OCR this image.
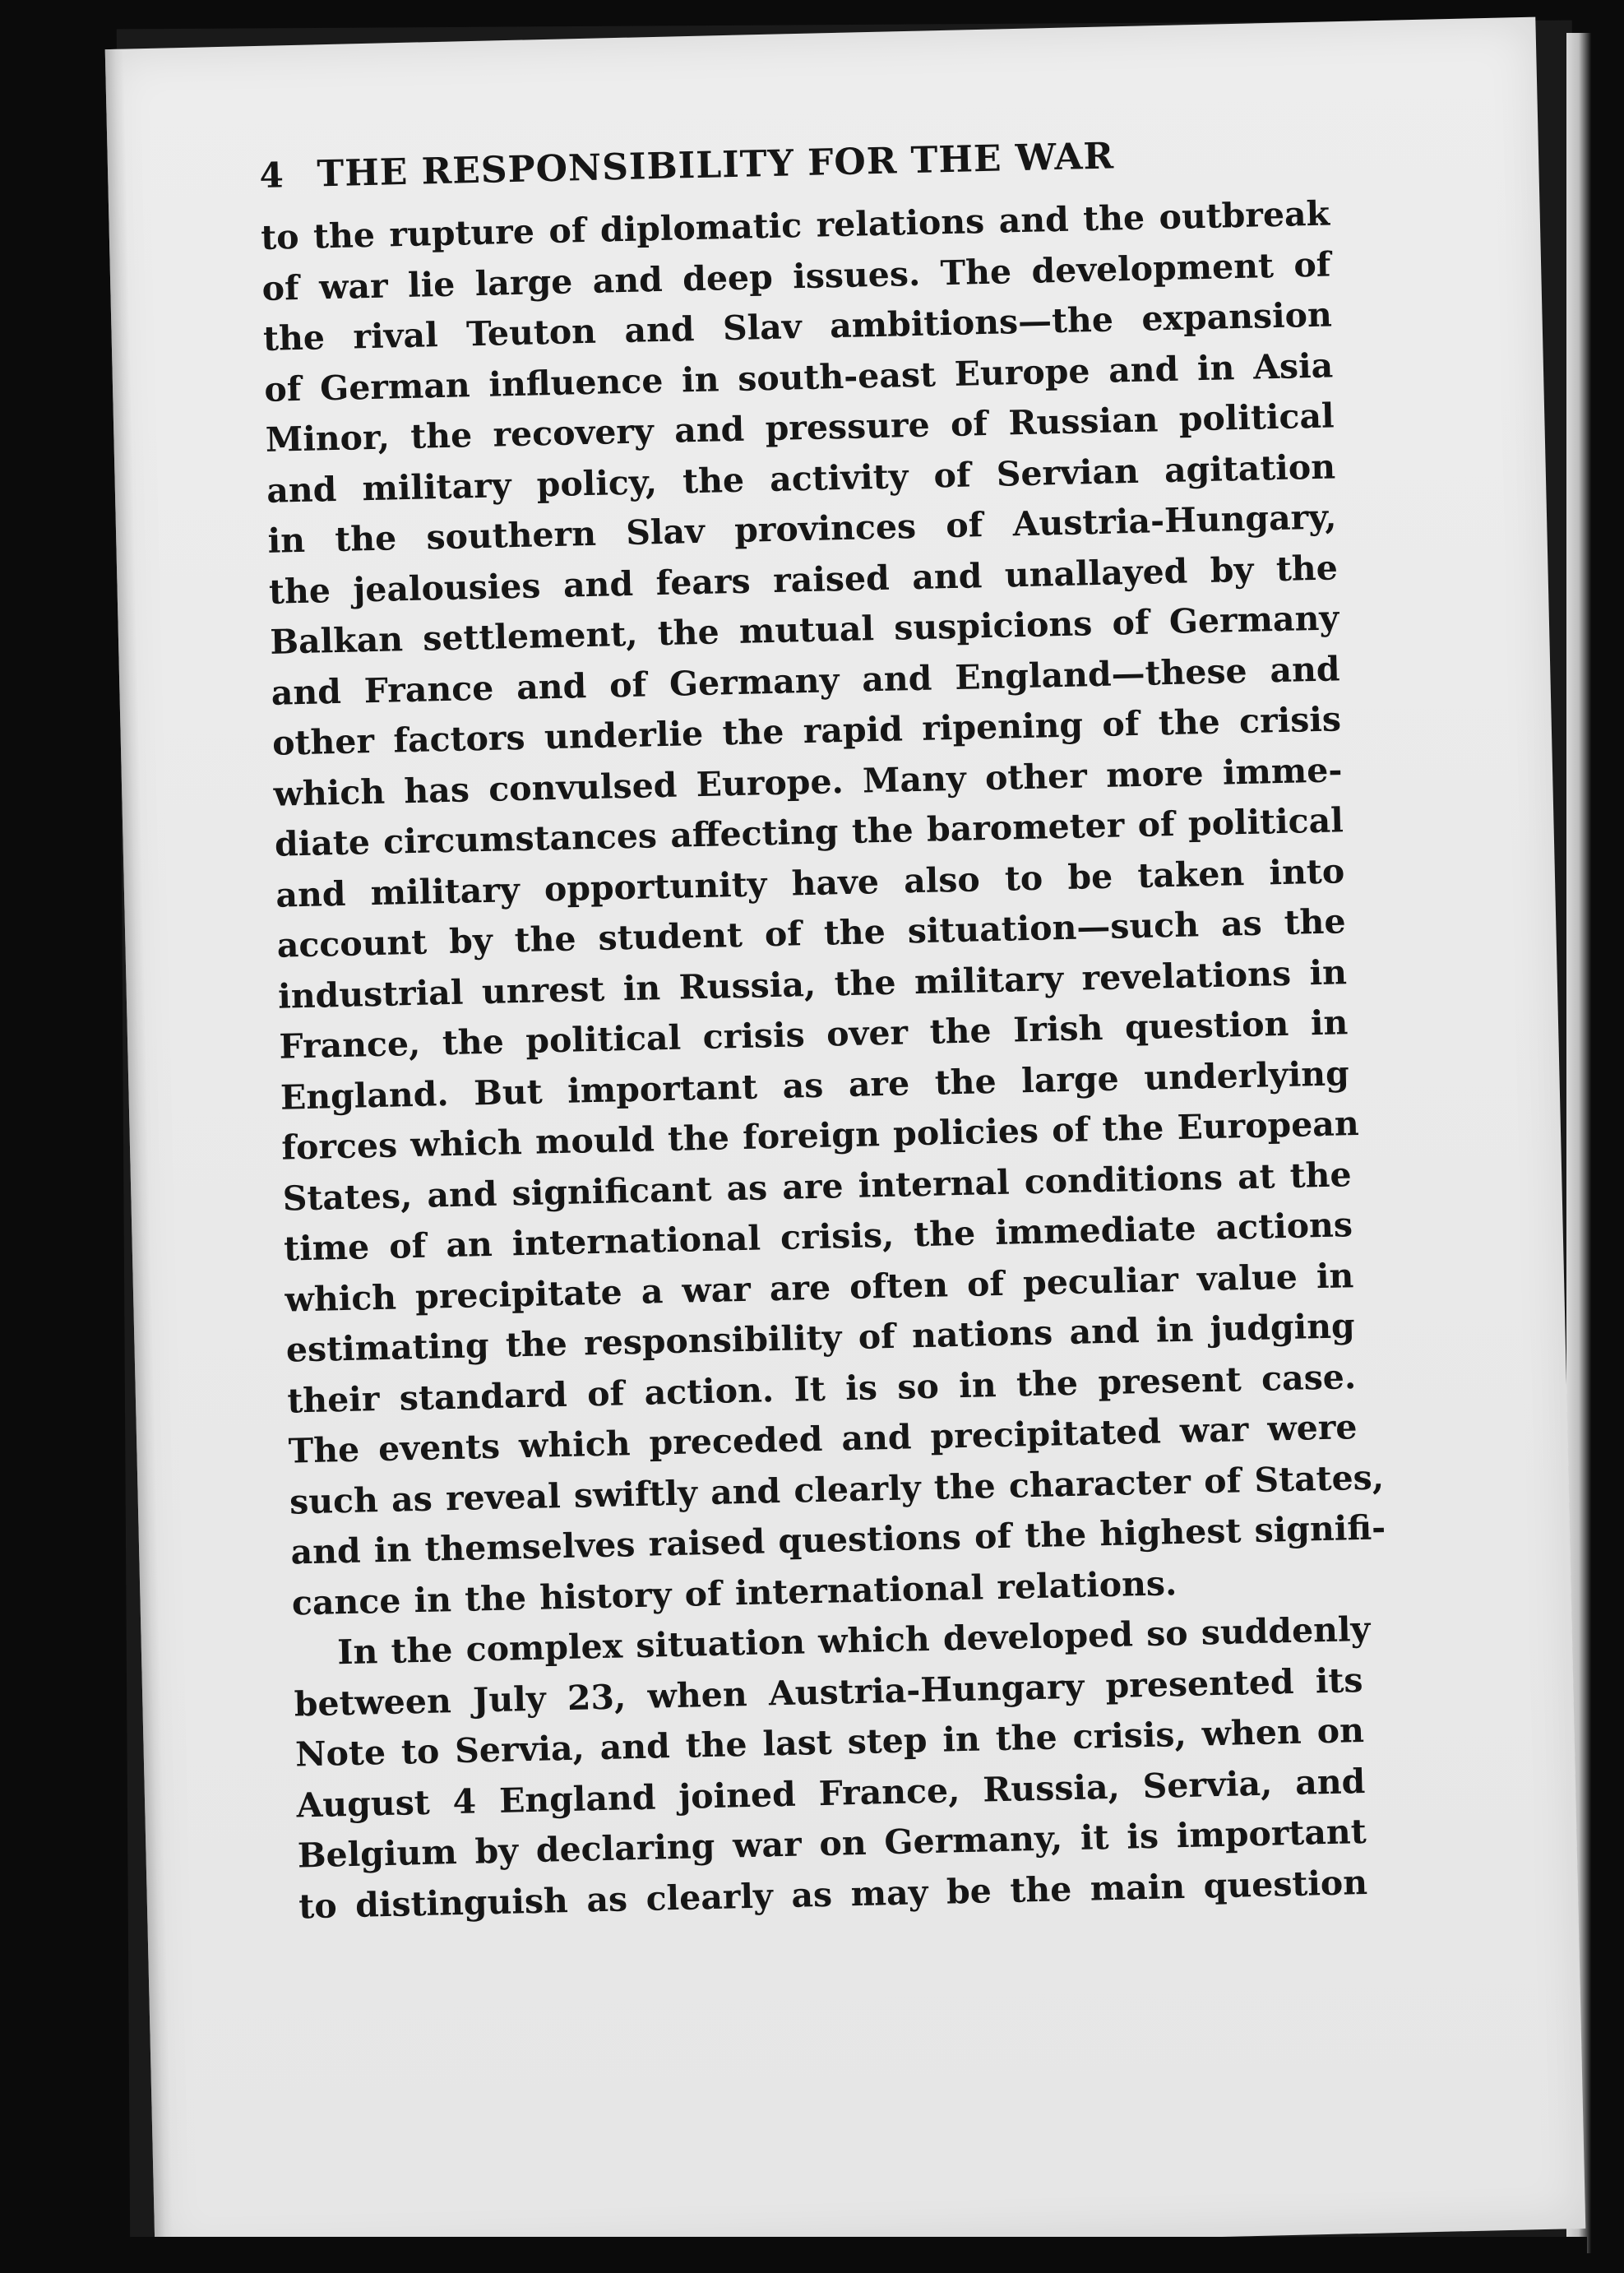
4 THE RESPONSIBILITY FOR THE WAR

to the rupture of diplomatic relations and the outbreak
of war lie large and deep issues. The development of
the rival Teuton and Slav ambitions—the expansion
of German influence in south-east Europe and in Asia
Minor, the recovery and pressure of Russian political
and military policy, the activity of Servian agitation
in the southern Slav provinces of Austria-Hungary,
the jealousies and fears raised and unallayed by the
Balkan settlement, the mutual suspicions of Germany
and France and of Germany and England—these and
other factors underlie the rapid ripening of the crisis
which has convulsed Europe. Many other more imme-
diate circumstances affecting the barometer of political
and military opportunity have also to be taken into
account by the student of the situation—such as the
industrial unrest in Russia, the military revelations in
France, the political crisis over the Irish question in
England. But important as are the large underlying
forces which mould the foreign policies of the European
States, and significant as are internal conditions at the
time of an international crisis, the immediate actions
which precipitate a war are often of peculiar value in
estimating the responsibility of nations and in judging
their standard of action. It is so in the present case.
The events which preceded and precipitated war were
such as reveal swiftly and clearly the character of States,
and in themselves raised questions of the highest signifi-
cance in the history of international relations.

In the complex situation which developed so suddenly
between July 23, when Austria-Hungary presented its
Note to Servia, and the last step in the crisis, when on
August 4 England joined France, Russia, Servia, and
Belgium by declaring war on Germany, it is important
to distinguish as clearly as may be the main question
